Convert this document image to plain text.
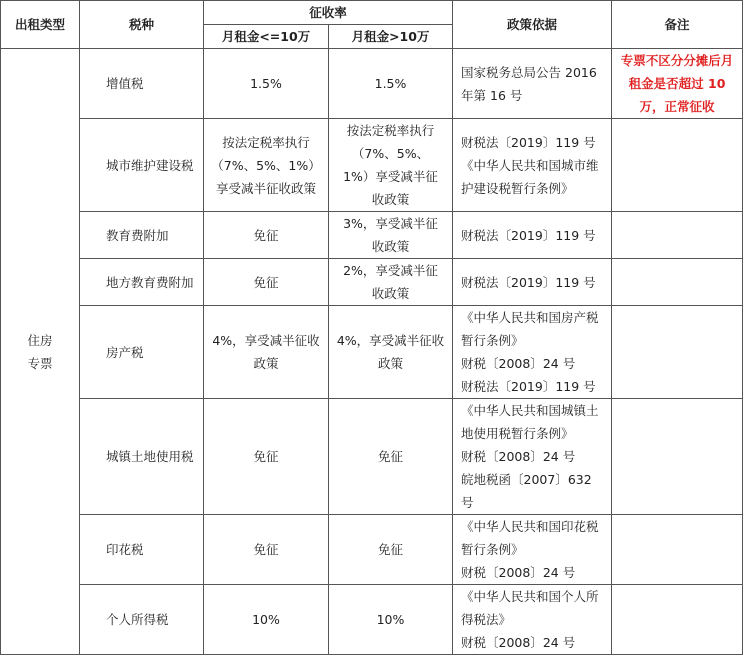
出租类型	税种	征收率		政策依据	备注
		月租金<=10万	月租金>10万		

住房
专票	增值税	1.5%	1.5%	国家税务总局公告 2016
年第 16 号	专票不区分分摊后月
租金是否超过 10
万，正常征收

	城市维护建设税	按法定税率执行
（7%、5%、1%）
享受减半征收政策	按法定税率执行
（7%、5%、
1%）享受减半征
收政策	财税法〔2019〕119 号
《中华人民共和国城市维
护建设税暂行条例》	

	教育费附加	免征	3%，享受减半征
收政策	财税法〔2019〕119 号	

	地方教育费附加	免征	2%，享受减半征
收政策	财税法〔2019〕119 号	

	房产税	4%，享受减半征收
政策	4%，享受减半征收
政策	《中华人民共和国房产税
暂行条例》
财税〔2008〕24 号
财税法〔2019〕119 号	

	城镇土地使用税	免征	免征	《中华人民共和国城镇土
地使用税暂行条例》
财税〔2008〕24 号
皖地税函〔2007〕632 号	

	印花税	免征	免征	《中华人民共和国印花税
暂行条例》
财税〔2008〕24 号	

	个人所得税	10%	10%	《中华人民共和国个人所
得税法》
财税〔2008〕24 号	
